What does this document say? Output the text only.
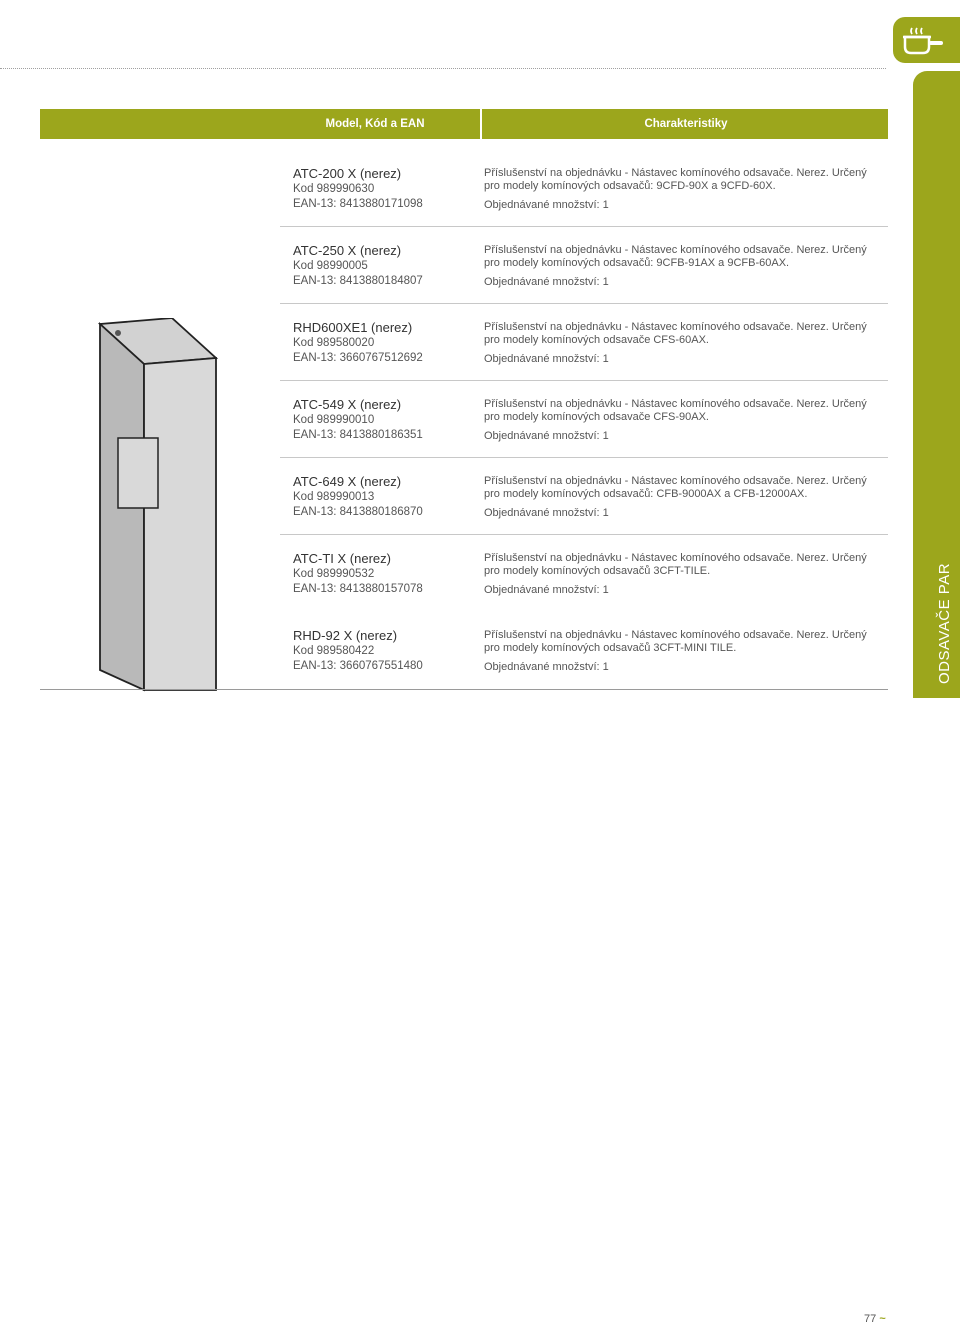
ODSAVAČE PAR
Model, Kód a EAN	Charakteristiky
ATC-200 X (nerez)
Kod 989990630
EAN-13: 8413880171098
Příslušenství na objednávku - Nástavec komínového odsavače. Nerez. Určený pro modely komínových odsavačů: 9CFD-90X a 9CFD-60X.
Objednávané množství: 1
ATC-250 X (nerez)
Kod 98990005
EAN-13: 8413880184807
Příslušenství na objednávku - Nástavec komínového odsavače. Nerez. Určený pro modely komínových odsavačů: 9CFB-91AX a 9CFB-60AX.
Objednávané množství: 1
RHD600XE1 (nerez)
Kod 989580020
EAN-13: 3660767512692
Příslušenství na objednávku - Nástavec komínového odsavače. Nerez. Určený pro modely komínových odsavače CFS-60AX.
Objednávané množství: 1
ATC-549 X (nerez)
Kod 989990010
EAN-13: 8413880186351
Příslušenství na objednávku - Nástavec komínového odsavače. Nerez. Určený pro modely komínových odsavače CFS-90AX.
Objednávané množství: 1
ATC-649 X (nerez)
Kod 989990013
EAN-13: 8413880186870
Příslušenství na objednávku - Nástavec komínového odsavače. Nerez. Určený pro modely komínových odsavačů: CFB-9000AX a CFB-12000AX.
Objednávané množství: 1
ATC-TI X (nerez)
Kod 989990532
EAN-13: 8413880157078
Příslušenství na objednávku - Nástavec komínového odsavače. Nerez. Určený pro modely komínových odsavačů 3CFT-TILE.
Objednávané množství: 1
RHD-92 X (nerez)
Kod 989580422
EAN-13: 3660767551480
Příslušenství na objednávku - Nástavec komínového odsavače. Nerez. Určený pro modely komínových odsavačů 3CFT-MINI TILE.
Objednávané množství: 1
77 ~
